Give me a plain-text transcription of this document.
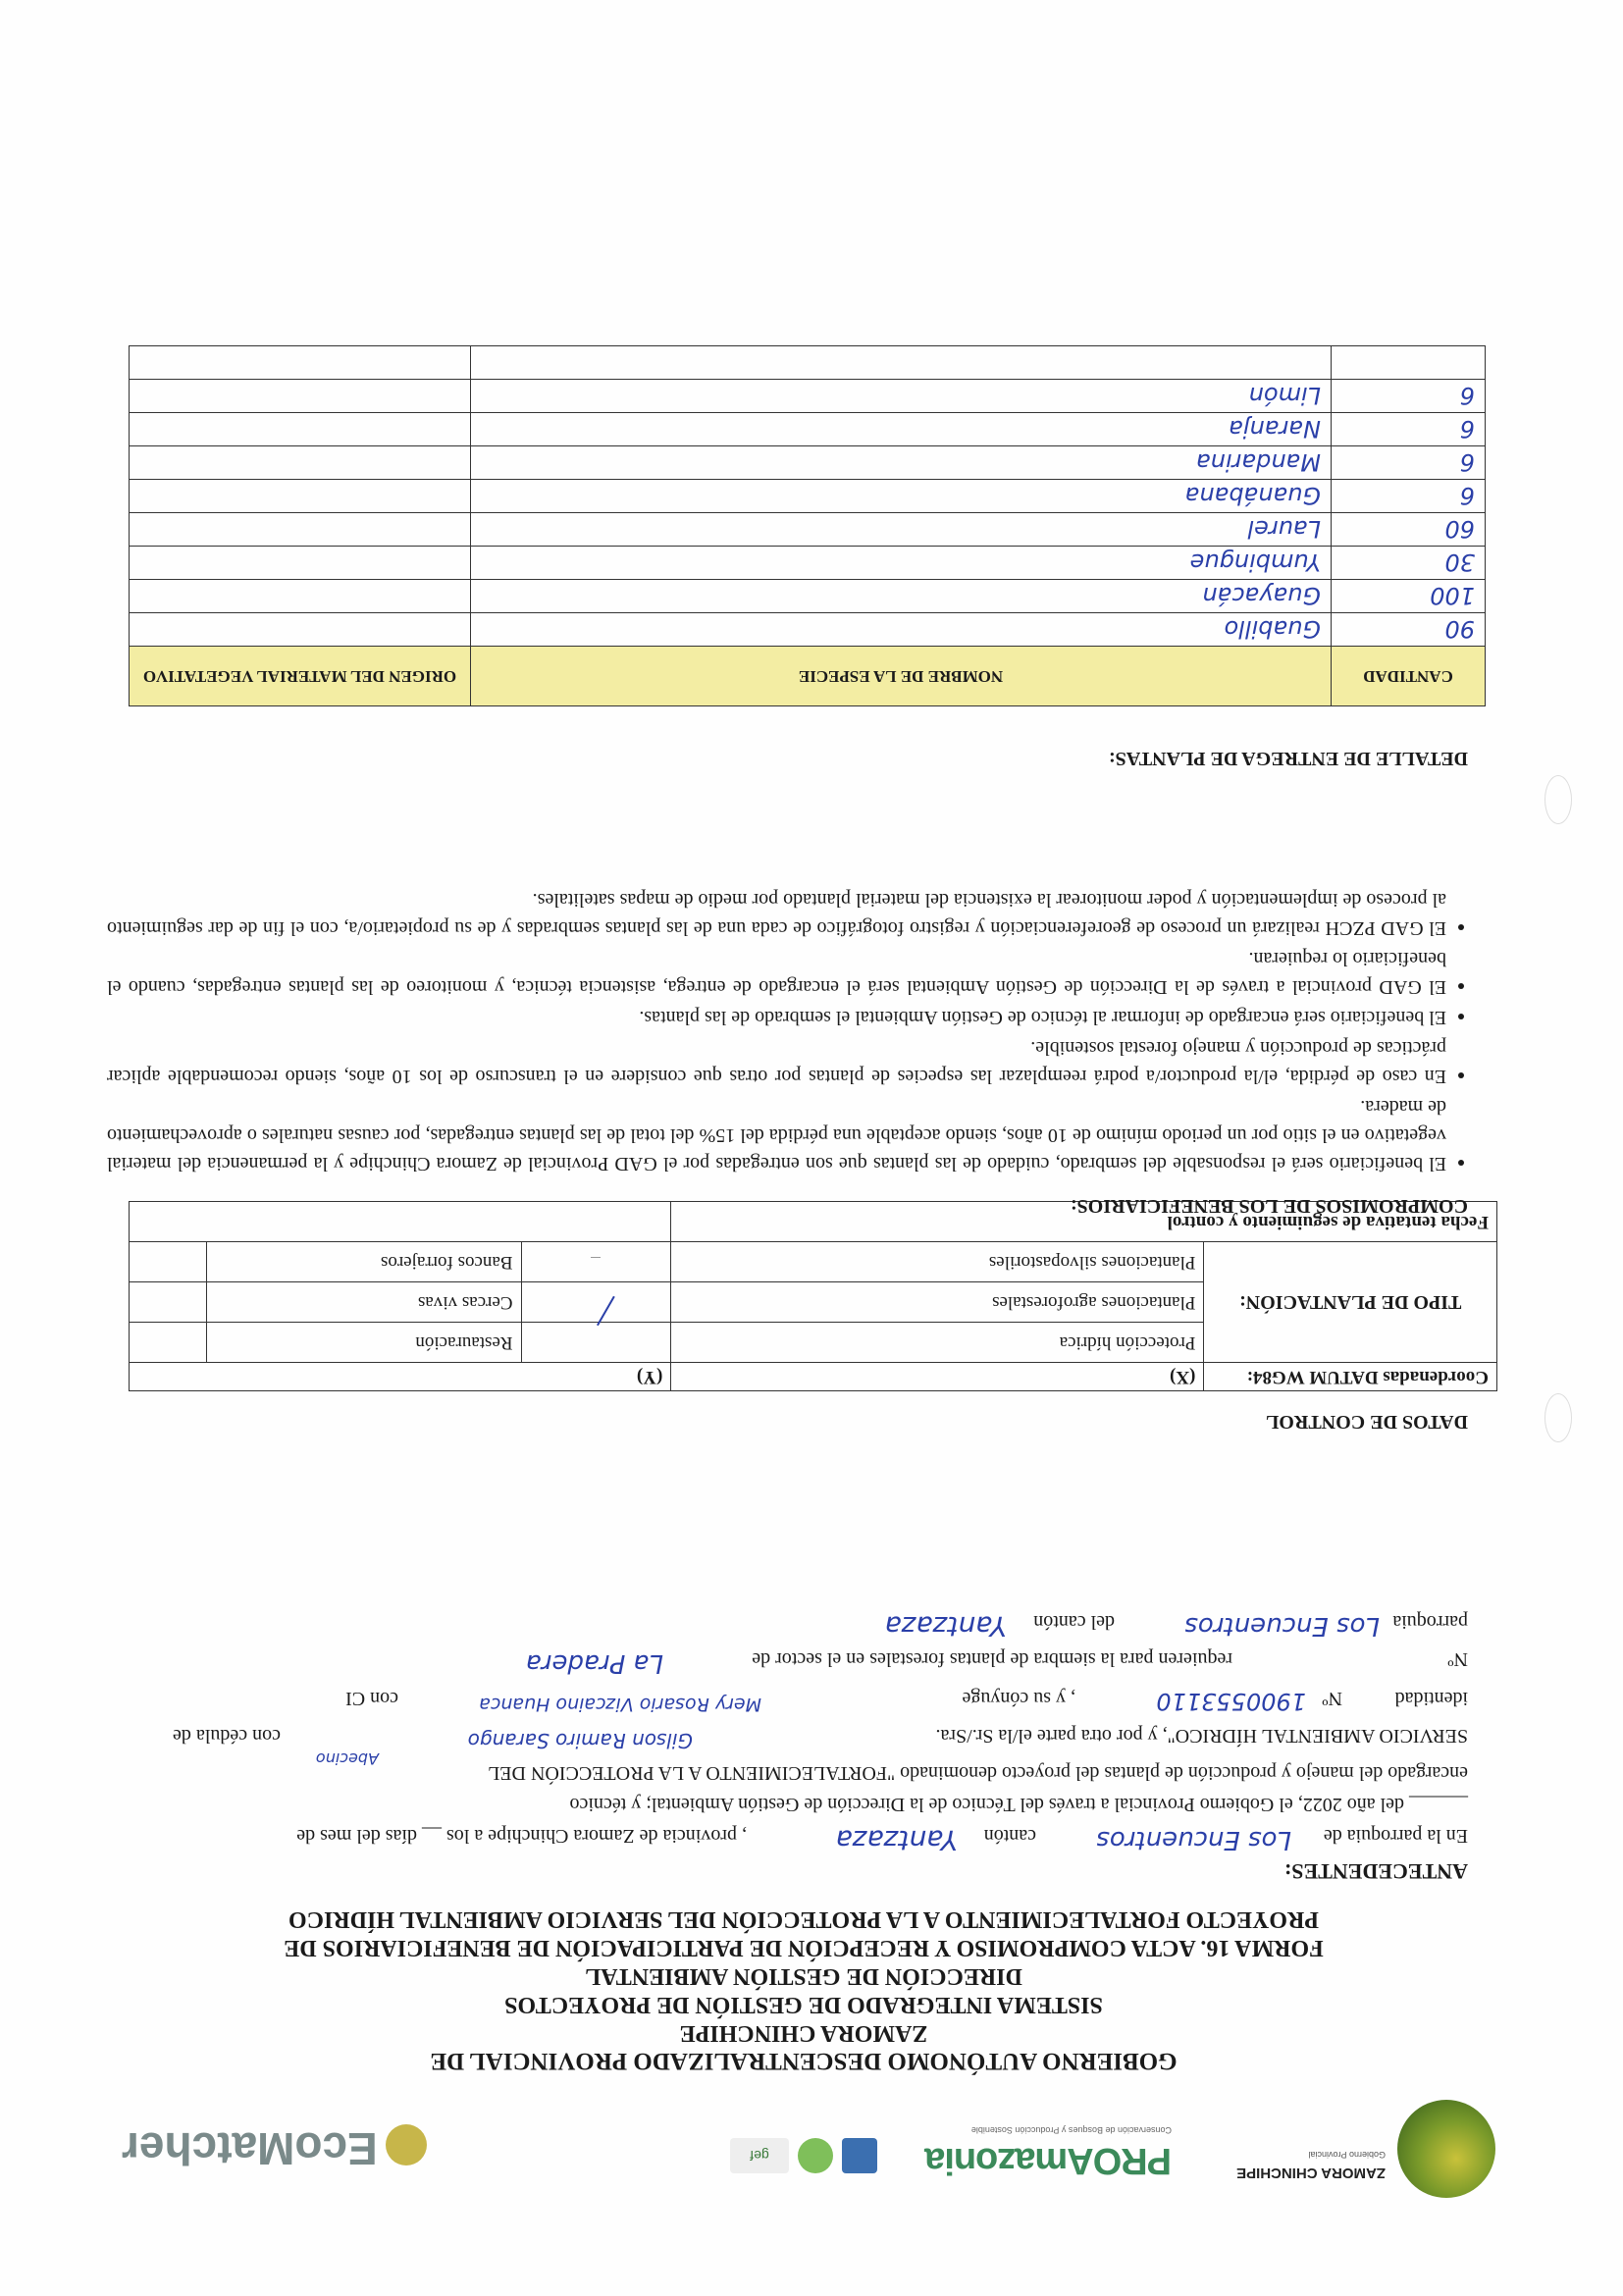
ZAMORA CHINCHIPE
Gobierno Provincial
PROAmazonia
Conservación de Bosques y Producción Sostenible
gef
EcoMatcher
GOBIERNO AUTÓNOMO DESCENTRALIZADO PROVINCIAL DE
ZAMORA CHINCHIPE
SISTEMA INTEGRADO DE GESTIÓN DE PROYECTOS
DIRECCIÓN DE GESTIÓN AMBIENTAL
FORMA 16. ACTA COMPROMISO Y RECEPCIÓN DE PARTICIPACIÓN DE BENEFICIARIOS DE
PROYECTO FORTALECIMIENTO A LA PROTECCIÓN DEL SERVICIO AMBIENTAL HÍDRICO
ANTECEDENTES:
En la parroquia de
Los Encuentros
cantón
Yantzaza
, provincia de Zamora Chinchipe a los __ días del mes de
______ del año 2022, el Gobierno Provincial a través del Técnico de la Dirección de Gestión Ambiental; y técnico
encargado del manejo y producción de plantas del proyecto denominado "FORTALECIMIENTO A LA PROTECCIÓN DEL
SERVICIO AMBIENTAL HÍDRICO", y por otra parte el/la Sr./Sra.
Gilson Ramiro Sarango
Abecino
con cédula de
identidad
Nº
1900553110
, y su cónyuge
Mery Rosario Vizcaino Huanca
con CI
Nº
requieren para la siembra de plantas forestales en el sector de
La Pradera
parroquia
Los Encuentros
del cantón
Yantzaza
DATOS DE CONTROL
Coordenadas DATUM WG84:	(X)	(Y)		
TIPO DE PLANTACIÓN:	Protección hídrica		Restauración	
	Plantaciones agroforestales		Cercas vivas	
	Plantaciones silvopastoriles		Bancos forrajeros	
Fecha tentativa de seguimiento y control				
COMPROMISOS DE LOS BENEFICIARIOS:
• El beneficiario será el responsable del sembrado, cuidado de las plantas que son entregadas por el GAD Provincial de Zamora Chinchipe y la permanencia del material vegetativo en el sitio por un periodo mínimo de 10 años, siendo aceptable una pérdida del 15% del total de las plantas entregadas, por causas naturales o aprovechamiento de madera.
• En caso de pérdida, el/la productor/a podrá reemplazar las especies de plantas por otras que considere en el transcurso de los 10 años, siendo recomendable aplicar prácticas de producción y manejo forestal sostenible.
• El beneficiario será encargado de informar al técnico de Gestión Ambiental el sembrado de las plantas.
• El GAD provincial a través de la Dirección de Gestión Ambiental será el encargado de entrega, asistencia técnica, y monitoreo de las plantas entregadas, cuando el beneficiario lo requieran.
• El GAD PZCH realizará un proceso de georeferenciación y registro fotográfico de cada una de las plantas sembradas y de su propietario/a, con el fin de dar seguimiento al proceso de implementación y poder monitorear la existencia del material plantado por medio de mapas satelitales.
DETALLE DE ENTREGA DE PLANTAS:
CANTIDAD	NOMBRE DE LA ESPECIE	ORIGEN DEL MATERIAL VEGETATIVO
90	Guabillo	
100	Guayacán	
30	Yumbingue	
60	Laurel	
6	Guanábana	
6	Mandarina	
6	Naranja	
6	Limón	
